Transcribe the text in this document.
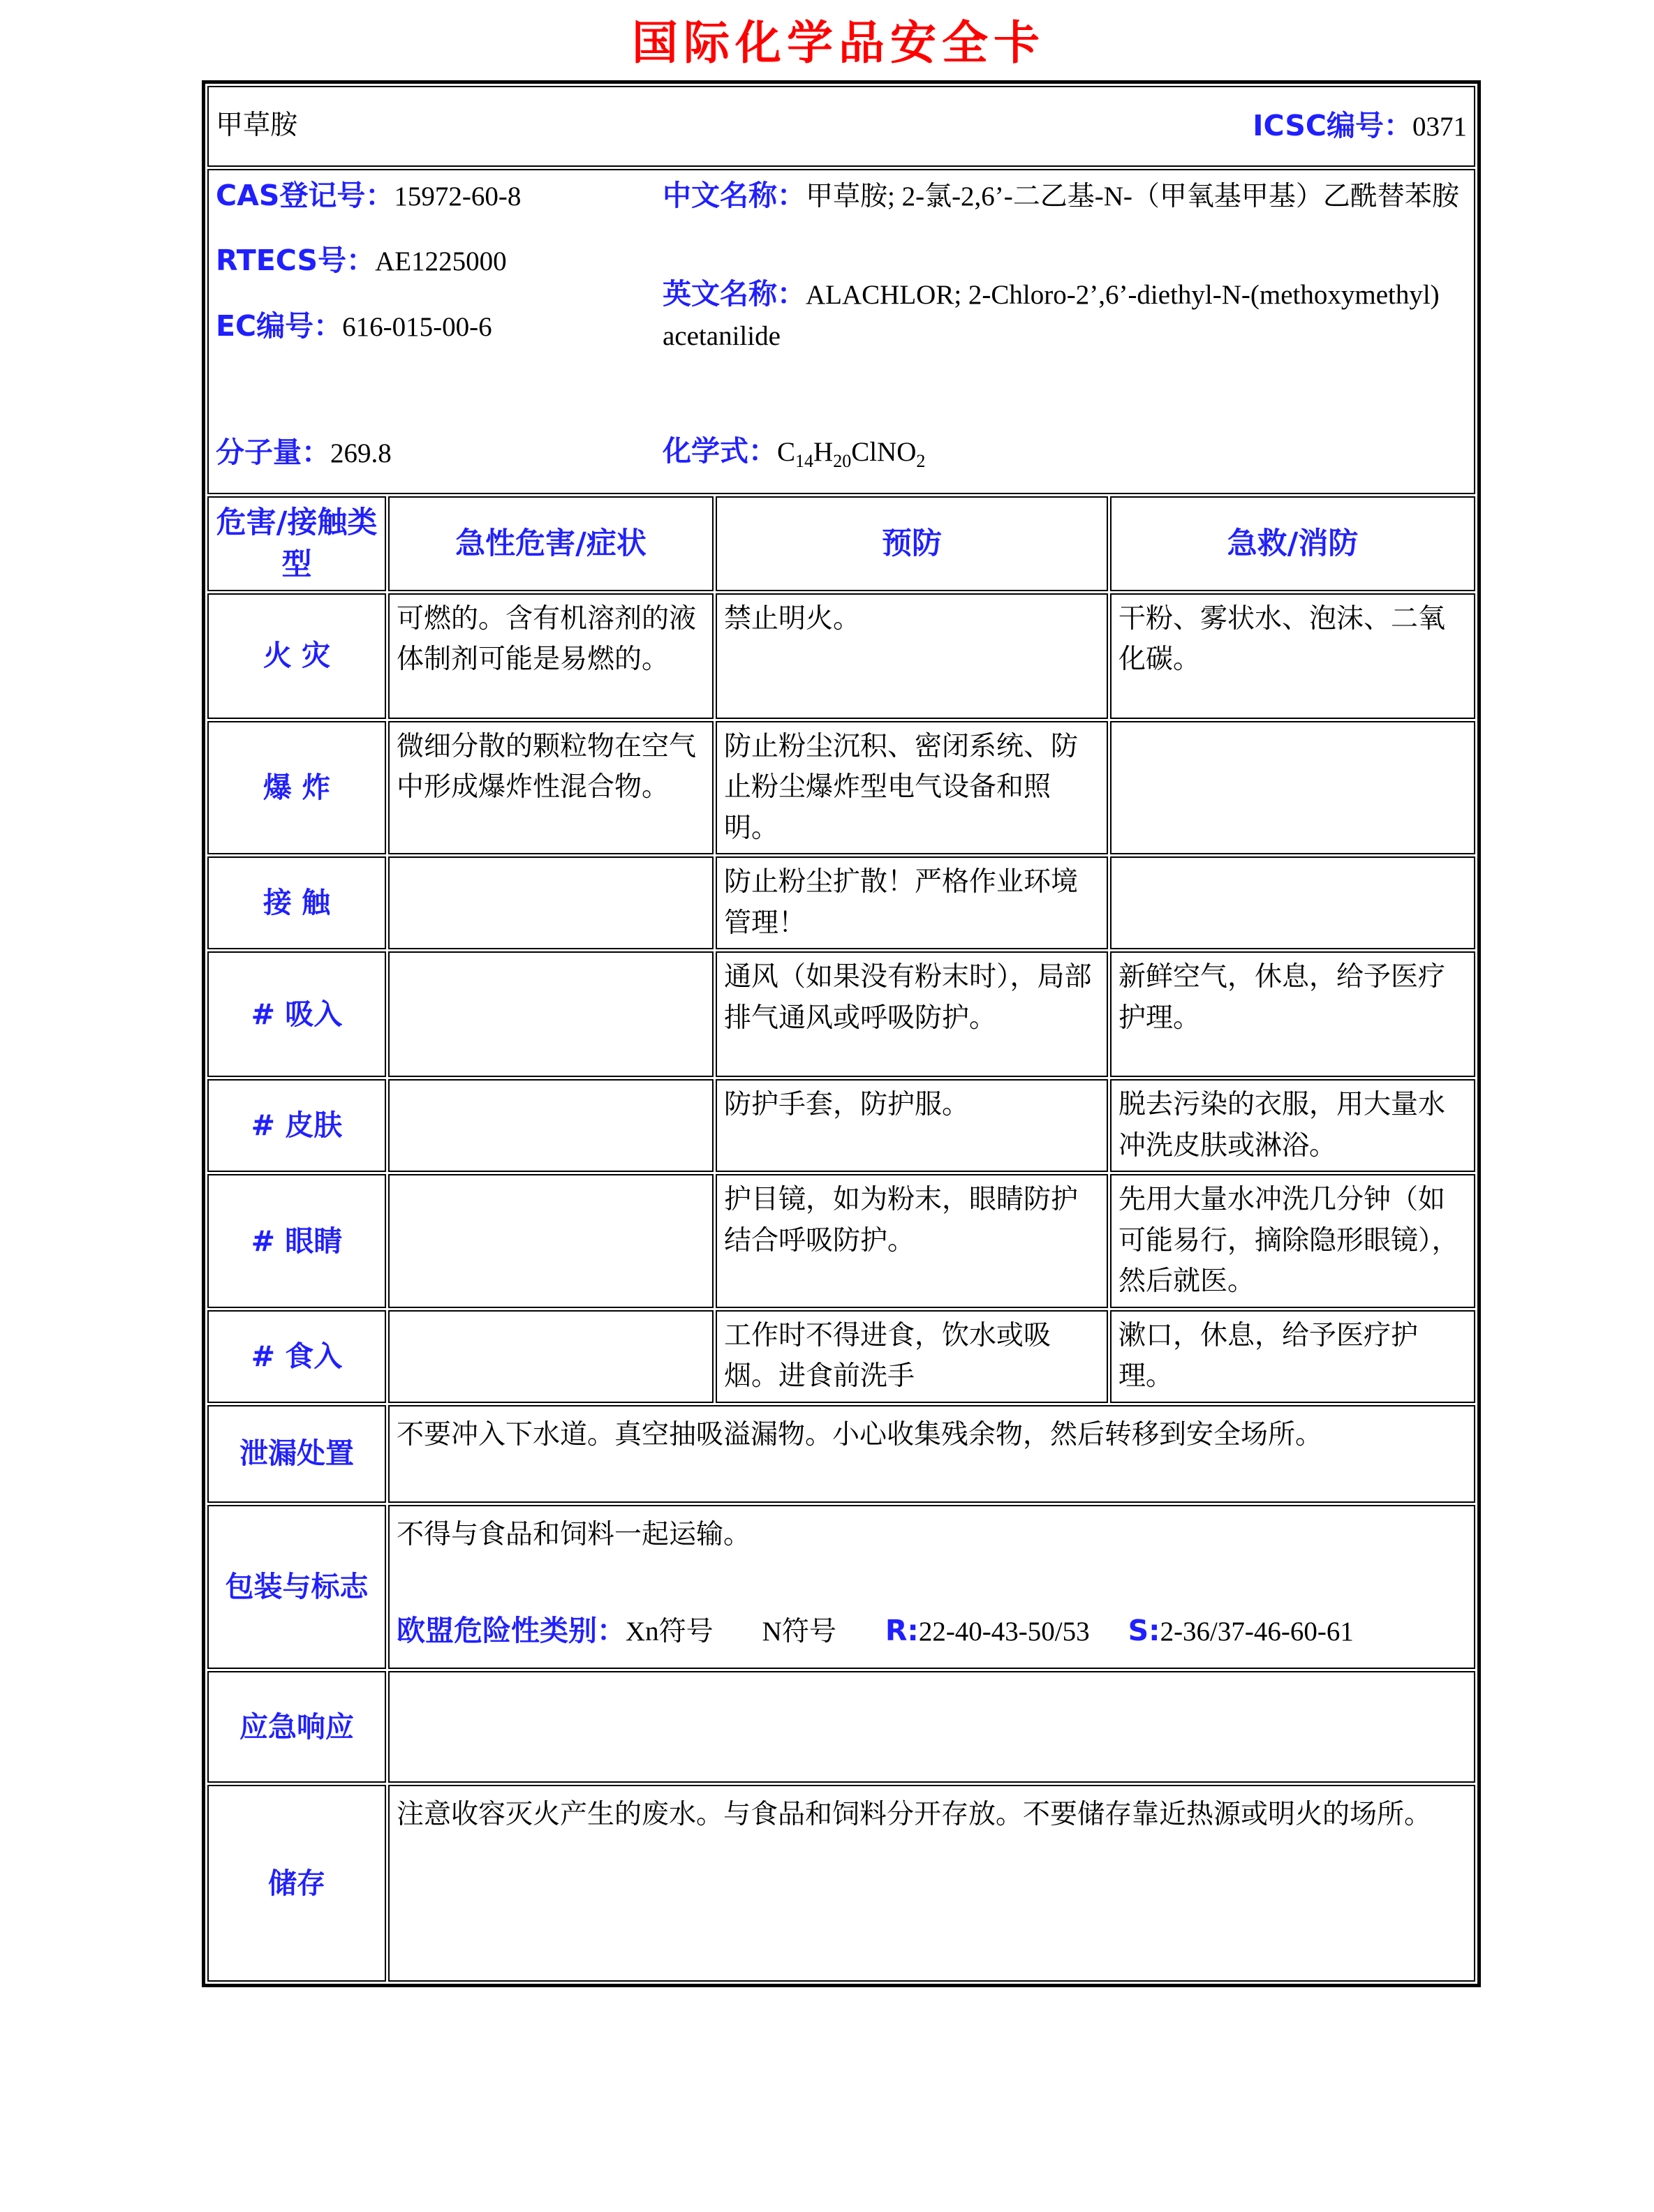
国际化学品安全卡
甲草胺 ICSC编号：0371			

CAS登记号：15972-60-8
RTECS号：AE1225000
EC编号：616-015-00-6
中文名称：甲草胺; 2-氯-2,6’-二乙基-N-（甲氧基甲基）乙酰替苯胺
英文名称：ALACHLOR; 2-Chloro-2’,6’-diethyl-N-(methoxymethyl) acetanilide
分子量：269.8	化学式：$C_{14}H_{20}ClNO_2$

危害/接触类型	急性危害/症状	预防	急救/消防
火 灾	可燃的。含有机溶剂的液体制剂可能是易燃的。	禁止明火。	干粉、雾状水、泡沫、二氧化碳。
爆 炸	微细分散的颗粒物在空气中形成爆炸性混合物。	防止粉尘沉积、密闭系统、防止粉尘爆炸型电气设备和照明。	
接 触		防止粉尘扩散！严格作业环境管理！	
# 吸入		通风（如果没有粉末时），局部排气通风或呼吸防护。	新鲜空气，休息，给予医疗护理。
# 皮肤		防护手套，防护服。	脱去污染的衣服，用大量水冲洗皮肤或淋浴。
# 眼睛		护目镜，如为粉末，眼睛防护结合呼吸防护。	先用大量水冲洗几分钟（如可能易行，摘除隐形眼镜），然后就医。
# 食入		工作时不得进食，饮水或吸烟。进食前洗手	漱口，休息，给予医疗护理。
泄漏处置	不要冲入下水道。真空抽吸溢漏物。小心收集残余物，然后转移到安全场所。		
包装与标志	不得与食品和饲料一起运输。
欧盟危险性类别：Xn符号 N符号 R:22-40-43-50/53 S:2-36/37-46-60-61		

应急响应			
储存	注意收容灭火产生的废水。与食品和饲料分开存放。不要储存靠近热源或明火的场所。		
